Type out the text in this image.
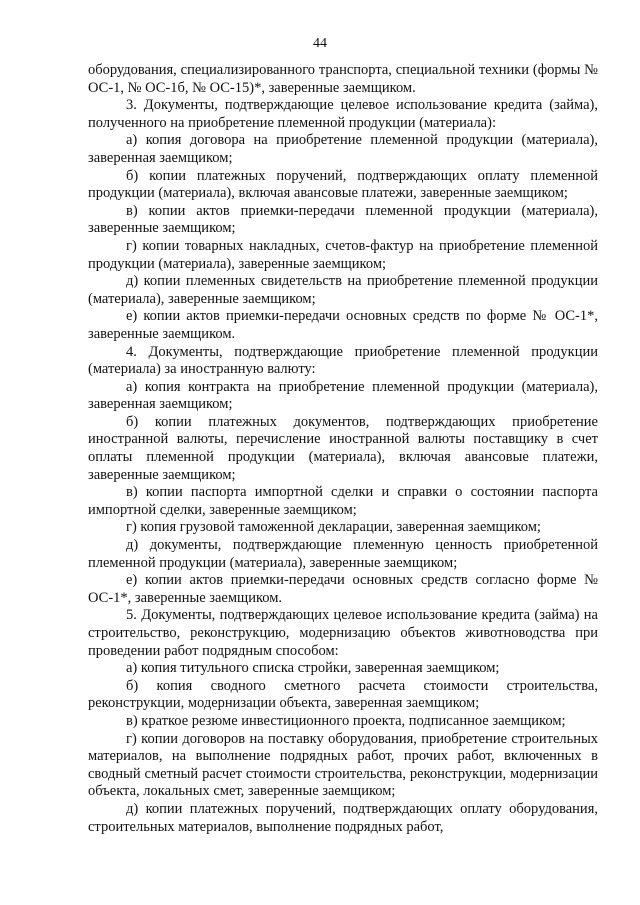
44

оборудования, специализированного транспорта, специальной техники (формы № ОС-1, № ОС-1б, № ОС-15)*, заверенные заемщиком.

3. Документы, подтверждающие целевое использование кредита (займа), полученного на приобретение племенной продукции (материала):

а) копия договора на приобретение племенной продукции (материала), заверенная заемщиком;

б) копии платежных поручений, подтверждающих оплату племенной продукции (материала), включая авансовые платежи, заверенные заемщиком;

в) копии актов приемки-передачи племенной продукции (материала), заверенные заемщиком;

г) копии товарных накладных, счетов-фактур на приобретение племенной продукции (материала), заверенные заемщиком;

д) копии племенных свидетельств на приобретение племенной продукции (материала), заверенные заемщиком;

е) копии актов приемки-передачи основных средств по форме № ОС-1*, заверенные заемщиком.

4. Документы, подтверждающие приобретение племенной продукции (материала) за иностранную валюту:

а) копия контракта на приобретение племенной продукции (материала), заверенная заемщиком;

б) копии платежных документов, подтверждающих приобретение иностранной валюты, перечисление иностранной валюты поставщику в счет оплаты племенной продукции (материала), включая авансовые платежи, заверенные заемщиком;

в) копии паспорта импортной сделки и справки о состоянии паспорта импортной сделки, заверенные заемщиком;

г) копия грузовой таможенной декларации, заверенная заемщиком;

д) документы, подтверждающие племенную ценность приобретенной племенной продукции (материала), заверенные заемщиком;

е) копии актов приемки-передачи основных средств согласно форме № ОС-1*, заверенные заемщиком.

5. Документы, подтверждающих целевое использование кредита (займа) на строительство, реконструкцию, модернизацию объектов животноводства при проведении работ подрядным способом:

а) копия титульного списка стройки, заверенная заемщиком;

б) копия сводного сметного расчета стоимости строительства, реконструкции, модернизации объекта, заверенная заемщиком;

в) краткое резюме инвестиционного проекта, подписанное заемщиком;

г) копии договоров на поставку оборудования, приобретение строительных материалов, на выполнение подрядных работ, прочих работ, включенных в сводный сметный расчет стоимости строительства, реконструкции, модернизации объекта, локальных смет, заверенные заемщиком;

д) копии платежных поручений, подтверждающих оплату оборудования, строительных материалов, выполнение подрядных работ,
